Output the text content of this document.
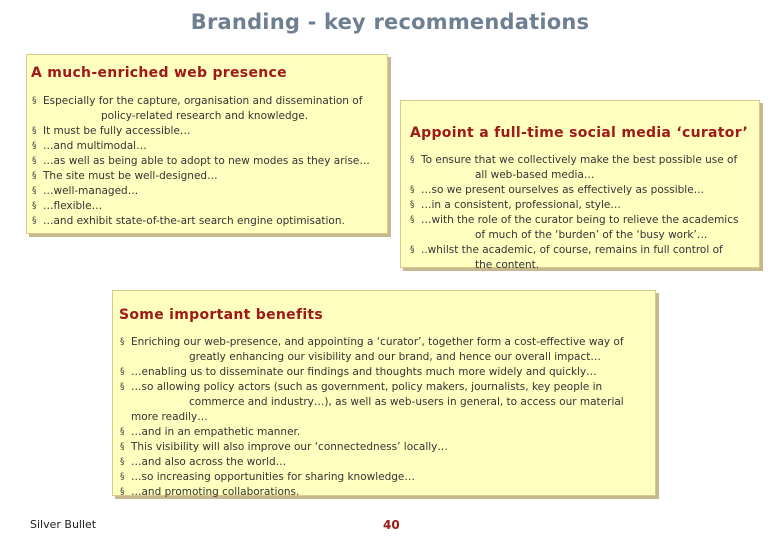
Branding - key recommendations
A much-enriched web presence
§ Especially for the capture, organisation and dissemination of
policy-related research and knowledge.
§ It must be fully accessible…
§ …and multimodal…
§ …as well as being able to adopt to new modes as they arise…
§ The site must be well-designed…
§ …well-managed…
§ …flexible…
§ …and exhibit state-of-the-art search engine optimisation.
Appoint a full-time social media ‘curator’
§ To ensure that we collectively make the best possible use of
all web-based media…
§ …so we present ourselves as effectively as possible…
§ …in a consistent, professional, style…
§ …with the role of the curator being to relieve the academics
of much of the ‘burden’ of the ‘busy work’…
§ ..whilst the academic, of course, remains in full control of
the content.
Some important benefits
§ Enriching our web-presence, and appointing a ‘curator’, together form a cost-effective way of
greatly enhancing our visibility and our brand, and hence our overall impact…
§ …enabling us to disseminate our findings and thoughts much more widely and quickly…
§ …so allowing policy actors (such as government, policy makers, journalists, key people in
commerce and industry…), as well as web-users in general, to access our material
more readily…
§ …and in an empathetic manner.
§ This visibility will also improve our ‘connectedness’ locally…
§ …and also across the world…
§ …so increasing opportunities for sharing knowledge…
§ …and promoting collaborations.
Silver Bullet	40
